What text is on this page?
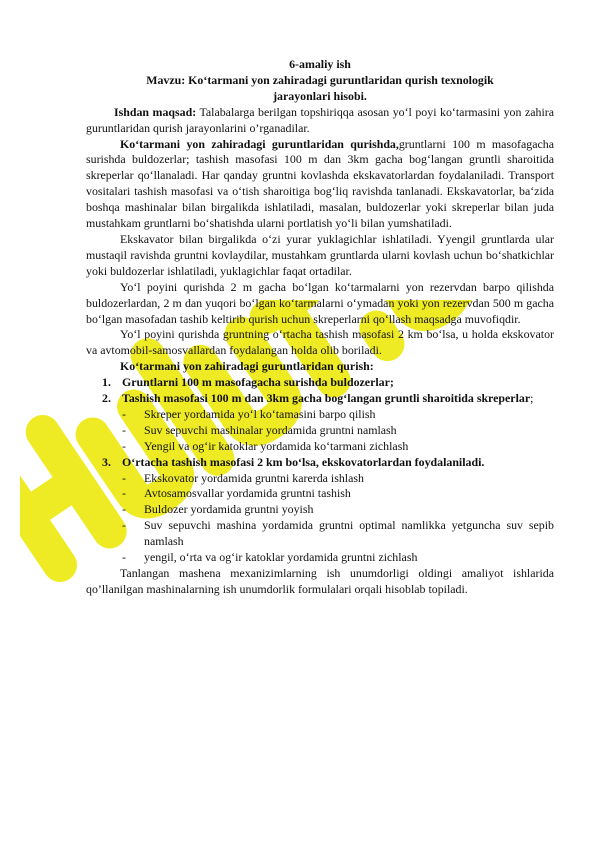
6-amaliy ish
Mavzu: Ko‘tarmani yon zahiradagi guruntlaridan qurish texnologik jarayonlari hisobi.

Ishdan maqsad: Talabalarga berilgan topshiriqqa asosan yo‘l poyi ko‘tarmasini yon zahira guruntlaridan qurish jarayonlarini o’rganadilar.

Ko‘tarmani yon zahiradagi guruntlaridan qurishda,gruntlarni 100 m masofagacha surishda buldozerlar; tashish masofasi 100 m dan 3km gacha bog‘langan gruntli sharoitida skreperlar qo‘llanaladi. Har qanday gruntni kovlashda ekskavatorlardan foydalaniladi. Transport vositalari tashish masofasi va o‘tish sharoitiga bog‘liq ravishda tanlanadi. Ekskavatorlar, ba‘zida boshqa mashinalar bilan birgalikda ishlatiladi, masalan, buldozerlar yoki skreperlar bilan juda mustahkam gruntlarni bo‘shatishda ularni portlatish yo‘li bilan yumshatiladi.

Ekskavator bilan birgalikda o‘zi yurar yuklagichlar ishlatiladi. Yyengil gruntlarda ular mustaqil ravishda gruntni kovlaydilar, mustahkam gruntlarda ularni kovlash uchun bo‘shatkichlar yoki buldozerlar ishlatiladi, yuklagichlar faqat ortadilar.

Yo‘l poyini qurishda 2 m gacha bo‘lgan ko‘tarmalarni yon rezervdan barpo qilishda buldozerlardan, 2 m dan yuqori bo‘lgan ko‘tarmalarni o‘ymadan yoki yon rezervdan 500 m gacha bo‘lgan masofadan tashib keltirib qurish uchun skreperlarni qo‘llash maqsadga muvofiqdir.

Yo‘l poyini qurishda gruntning o‘rtacha tashish masofasi 2 km bo‘lsa, u holda ekskovator va avtomobil-samosvallardan foydalangan holda olib boriladi.

Ko‘tarmani yon zahiradagi guruntlaridan qurish:

1. Gruntlarni 100 m masofagacha surishda buldozerlar;
2. Tashish masofasi 100 m dan 3km gacha bog‘langan gruntli sharoitida skreperlar;
- Skreper yordamida yo‘l ko‘tamasini barpo qilish
- Suv sepuvchi mashinalar yordamida gruntni namlash
- Yengil va og‘ir katoklar yordamida ko‘tarmani zichlash
3. O‘rtacha tashish masofasi 2 km bo‘lsa, ekskovatorlardan foydalaniladi.
- Ekskovator yordamida gruntni karerda ishlash
- Avtosamosvallar yordamida gruntni tashish
- Buldozer yordamida gruntni yoyish
- Suv sepuvchi mashina yordamida gruntni optimal namlikka yetguncha suv sepib namlash
- yengil, o‘rta va og‘ir katoklar yordamida gruntni zichlash

Tanlangan mashena mexanizimlarning ish unumdorligi oldingi amaliyot ishlarida qo’llanilgan mashinalarning ish unumdorlik formulalari orqali hisoblab topiladi.
